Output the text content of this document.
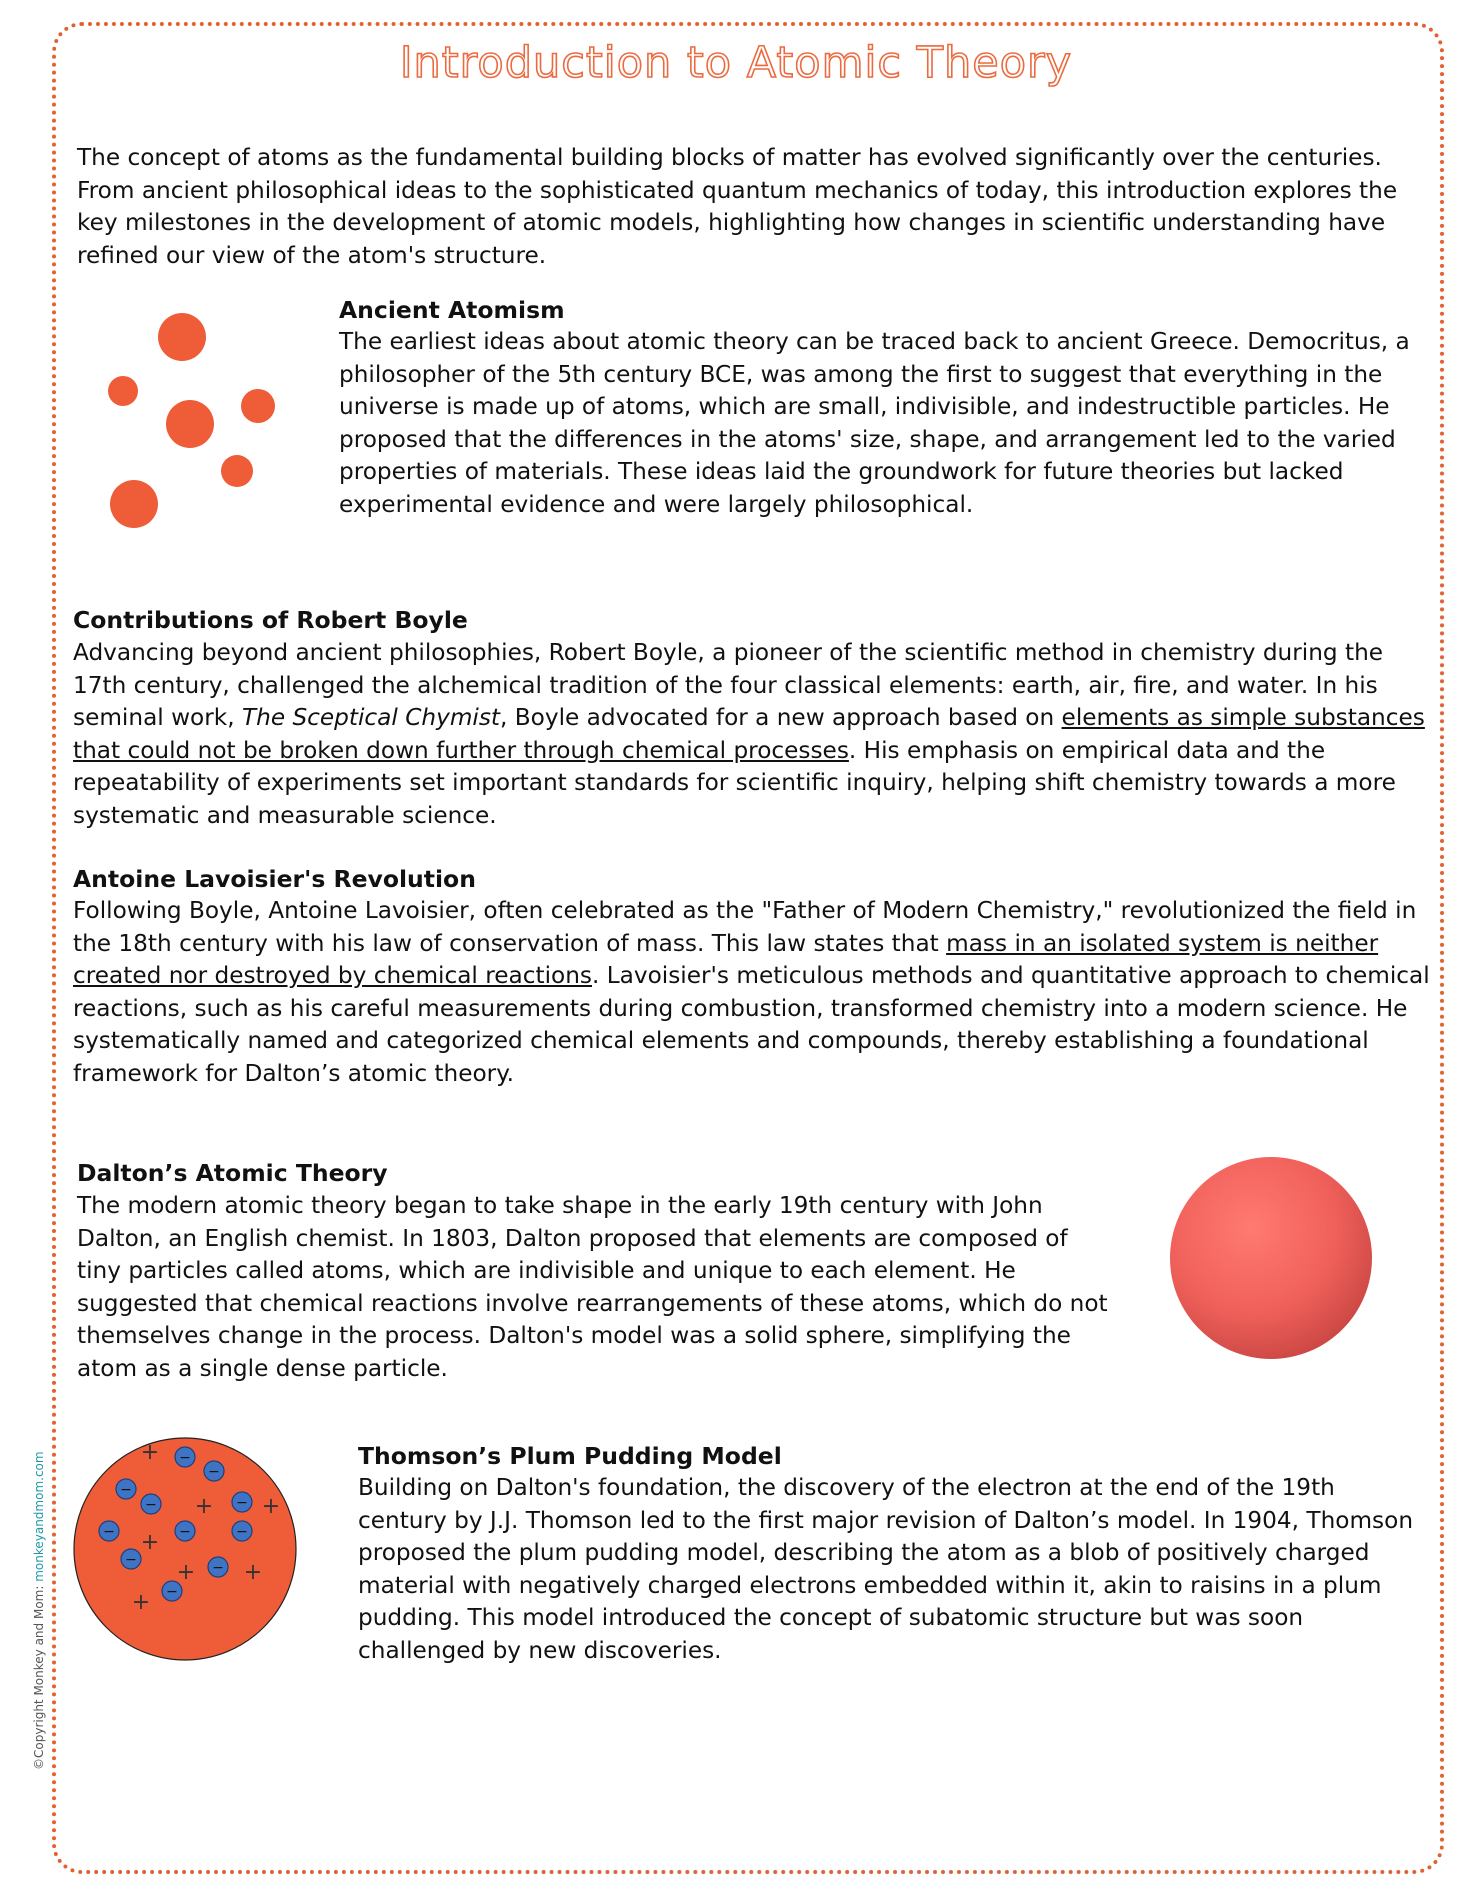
Introduction to Atomic Theory

The concept of atoms as the fundamental building blocks of matter has evolved significantly over the centuries. From ancient philosophical ideas to the sophisticated quantum mechanics of today, this introduction explores the key milestones in the development of atomic models, highlighting how changes in scientific understanding have refined our view of the atom's structure.

Ancient Atomism

The earliest ideas about atomic theory can be traced back to ancient Greece. Democritus, a philosopher of the 5th century BCE, was among the first to suggest that everything in the universe is made up of atoms, which are small, indivisible, and indestructible particles. He proposed that the differences in the atoms' size, shape, and arrangement led to the varied properties of materials. These ideas laid the groundwork for future theories but lacked experimental evidence and were largely philosophical.

Contributions of Robert Boyle

Advancing beyond ancient philosophies, Robert Boyle, a pioneer of the scientific method in chemistry during the 17th century, challenged the alchemical tradition of the four classical elements: earth, air, fire, and water. In his seminal work, The Sceptical Chymist, Boyle advocated for a new approach based on elements as simple substances that could not be broken down further through chemical processes. His emphasis on empirical data and the repeatability of experiments set important standards for scientific inquiry, helping shift chemistry towards a more systematic and measurable science.

Antoine Lavoisier's Revolution

Following Boyle, Antoine Lavoisier, often celebrated as the "Father of Modern Chemistry," revolutionized the field in the 18th century with his law of conservation of mass. This law states that mass in an isolated system is neither created nor destroyed by chemical reactions. Lavoisier's meticulous methods and quantitative approach to chemical reactions, such as his careful measurements during combustion, transformed chemistry into a modern science. He systematically named and categorized chemical elements and compounds, thereby establishing a foundational framework for Dalton’s atomic theory.

Dalton’s Atomic Theory

The modern atomic theory began to take shape in the early 19th century with John Dalton, an English chemist. In 1803, Dalton proposed that elements are composed of tiny particles called atoms, which are indivisible and unique to each element. He suggested that chemical reactions involve rearrangements of these atoms, which do not themselves change in the process. Dalton's model was a solid sphere, simplifying the atom as a single dense particle.

+
+ +
+
+ +
+
−
−
−
−	−
−	−	−
−	−
−
Thomson’s Plum Pudding Model

Building on Dalton's foundation, the discovery of the electron at the end of the 19th century by J.J. Thomson led to the first major revision of Dalton’s model. In 1904, Thomson proposed the plum pudding model, describing the atom as a blob of positively charged material with negatively charged electrons embedded within it, akin to raisins in a plum pudding. This model introduced the concept of subatomic structure but was soon challenged by new discoveries.

©Copyright Monkey and Mom: monkeyandmom.com
